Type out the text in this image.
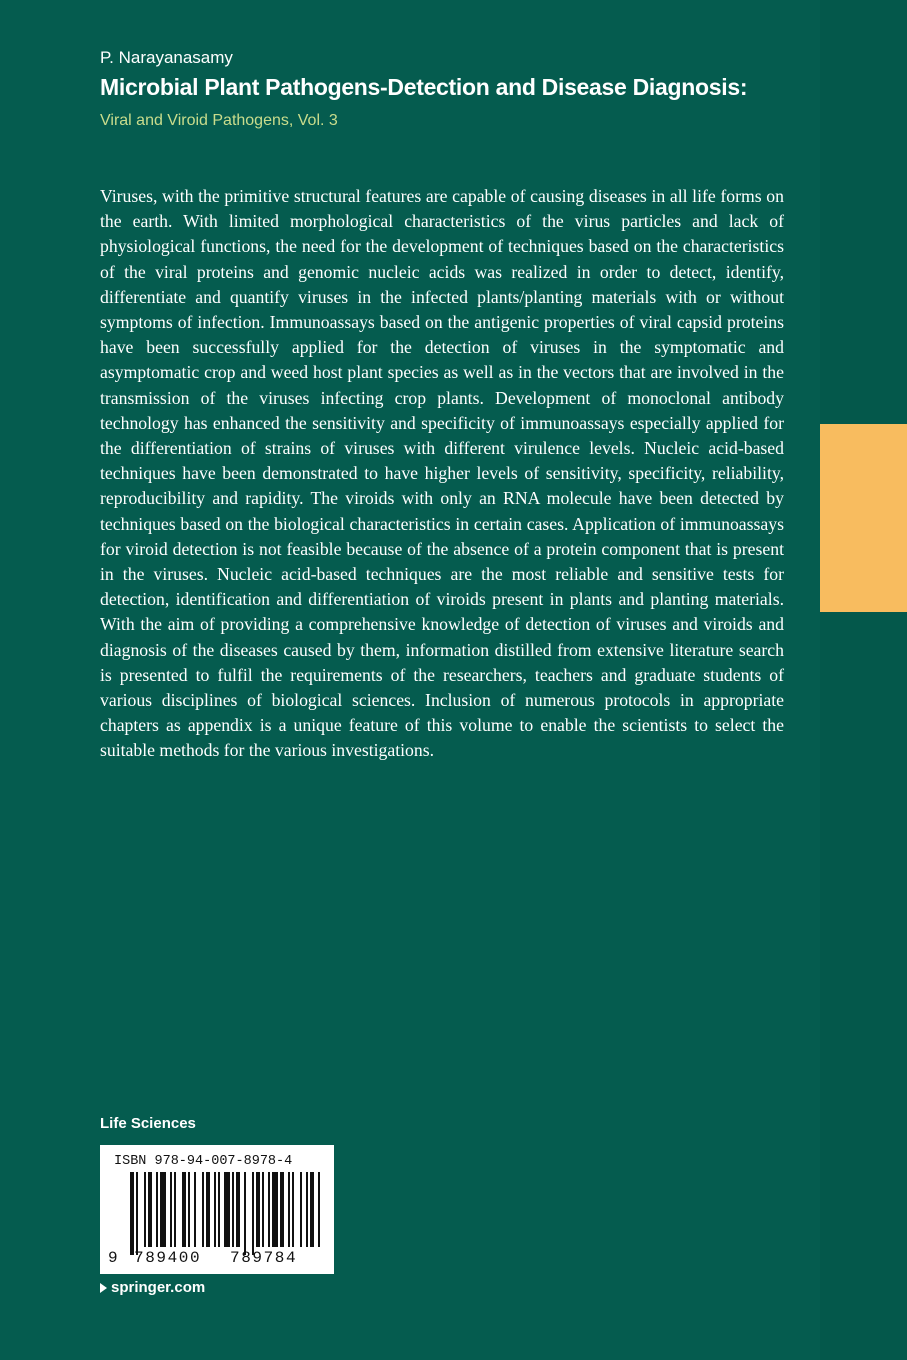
P. Narayanasamy
Microbial Plant Pathogens-Detection and Disease Diagnosis:
Viral and Viroid Pathogens, Vol. 3

Viruses, with the primitive structural features are capable of causing diseases in all life forms on the earth. With limited morphological characteristics of the virus particles and lack of physiological functions, the need for the development of techniques based on the characteristics of the viral proteins and genomic nucleic acids was realized in order to detect, identify, differentiate and quantify viruses in the infected plants/planting materials with or without symptoms of infection. Immunoassays based on the antigenic properties of viral capsid proteins have been successfully applied for the detection of viruses in the symptomatic and asymptomatic crop and weed host plant species as well as in the vectors that are involved in the transmission of the viruses infecting crop plants. Development of monoclonal antibody technology has enhanced the sensitivity and specificity of immunoassays especially applied for the differentiation of strains of viruses with different virulence levels. Nucleic acid-based techniques have been demonstrated to have higher levels of sensitivity, specificity, reliability, reproducibility and rapidity. The viroids with only an RNA molecule have been detected by techniques based on the biological characteristics in certain cases. Application of immunoassays for viroid detection is not feasible because of the absence of a protein component that is present in the viruses. Nucleic acid-based techniques are the most reliable and sensitive tests for detection, identification and differentiation of viroids present in plants and planting materials. With the aim of providing a comprehensive knowledge of detection of viruses and viroids and diagnosis of the diseases caused by them, information distilled from extensive literature search is presented to fulfil the requirements of the researchers, teachers and graduate students of various disciplines of biological sciences. Inclusion of numerous protocols in appropriate chapters as appendix is a unique feature of this volume to enable the scientists to select the suitable methods for the various investigations.

Life Sciences
ISBN 978-94-007-8978-4
9 789400 789784
springer.com
